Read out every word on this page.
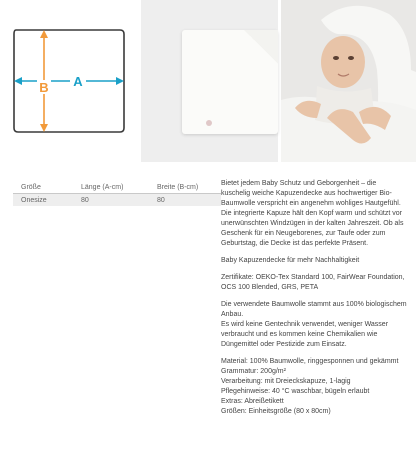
A
B
Größe	Länge (A-cm)	Breite (B-cm)
Onesize	80	80

Bietet jedem Baby Schutz und Geborgenheit – die kuschelig weiche Kapuzendecke aus hochwertiger Bio-Baumwolle verspricht ein angenehm wohliges Hautgefühl. Die integrierte Kapuze hält den Kopf warm und schützt vor unerwünschten Windzügen in der kalten Jahreszeit. Ob als Geschenk für ein Neugeborenes, zur Taufe oder zum Geburtstag, die Decke ist das perfekte Präsent.

Baby Kapuzendecke für mehr Nachhaltigkeit

Zertifikate: OEKO-Tex Standard 100, FairWear Foundation, OCS 100 Blended, GRS, PETA

Die verwendete Baumwolle stammt aus 100% biologischem Anbau.

Es wird keine Gentechnik verwendet, weniger Wasser verbraucht und es kommen keine Chemikalien wie Düngemittel oder Pestizide zum Einsatz.

Material: 100% Baumwolle, ringgesponnen und gekämmt

Grammatur: 200g/m²

Verarbeitung: mit Dreieckskapuze, 1-lagig

Pflegehinweise: 40 °C waschbar, bügeln erlaubt

Extras: Abreißetikett

Größen: Einheitsgröße (80 x 80cm)
